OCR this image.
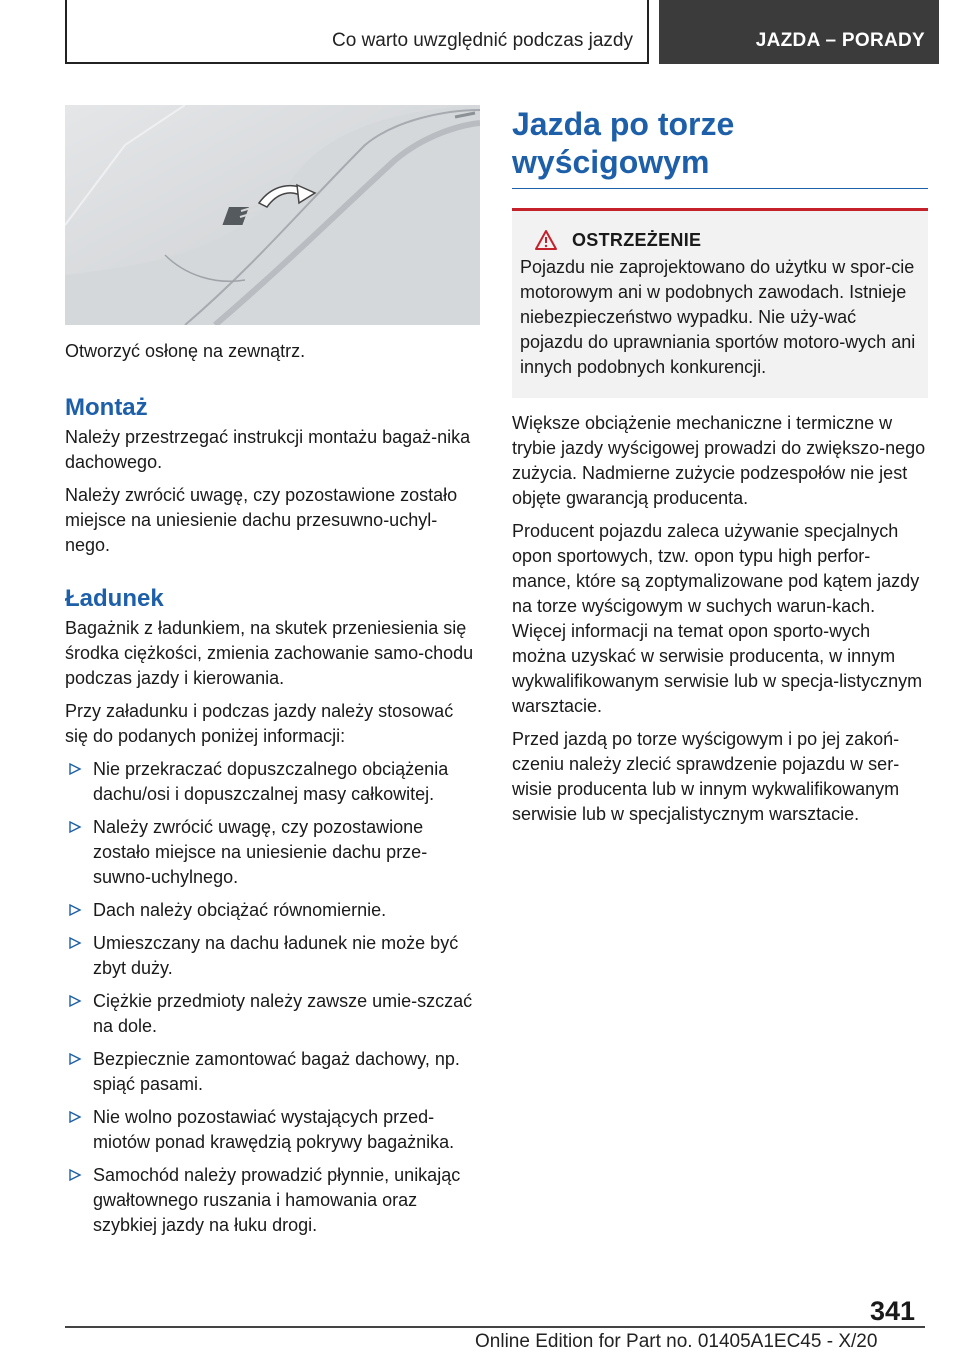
Co warto uwzględnić podczas jazdy	JAZDA – PORADY

Otworzyć osłonę na zewnątrz.

Montaż

Należy przestrzegać instrukcji montażu bagaż-nika dachowego.

Należy zwrócić uwagę, czy pozostawione zostało miejsce na uniesienie dachu przesuwno-uchyl-nego.

Ładunek

Bagażnik z ładunkiem, na skutek przeniesienia się środka ciężkości, zmienia zachowanie samo-chodu podczas jazdy i kierowania.

Przy załadunku i podczas jazdy należy stosować się do podanych poniżej informacji:

Nie przekraczać dopuszczalnego obciążenia dachu/osi i dopuszczalnej masy całkowitej.
Należy zwrócić uwagę, czy pozostawione zostało miejsce na uniesienie dachu prze-suwno-uchylnego.
Dach należy obciążać równomiernie.
Umieszczany na dachu ładunek nie może być zbyt duży.
Ciężkie przedmioty należy zawsze umie-szczać na dole.
Bezpiecznie zamontować bagaż dachowy, np. spiąć pasami.
Nie wolno pozostawiać wystających przed-miotów ponad krawędzią pokrywy bagażnika.
Samochód należy prowadzić płynnie, unikając gwałtownego ruszania i hamowania oraz szybkiej jazdy na łuku drogi.
Jazda po torze wyścigowym
OSTRZEŻENIE

Pojazdu nie zaprojektowano do użytku w spor-cie motorowym ani w podobnych zawodach. Istnieje niebezpieczeństwo wypadku. Nie uży-wać pojazdu do uprawniania sportów motoro-wych ani innych podobnych konkurencji.

Większe obciążenie mechaniczne i termiczne w trybie jazdy wyścigowej prowadzi do zwiększo-nego zużycia. Nadmierne zużycie podzespołów nie jest objęte gwarancją producenta.

Producent pojazdu zaleca używanie specjalnych opon sportowych, tzw. opon typu high perfor-mance, które są zoptymalizowane pod kątem jazdy na torze wyścigowym w suchych warun-kach. Więcej informacji na temat opon sporto-wych można uzyskać w serwisie producenta, w innym wykwalifikowanym serwisie lub w specja-listycznym warsztacie.

Przed jazdą po torze wyścigowym i po jej zakoń-czeniu należy zlecić sprawdzenie pojazdu w ser-wisie producenta lub w innym wykwalifikowanym serwisie lub w specjalistycznym warsztacie.

341
Online Edition for Part no. 01405A1EC45 - X/20
